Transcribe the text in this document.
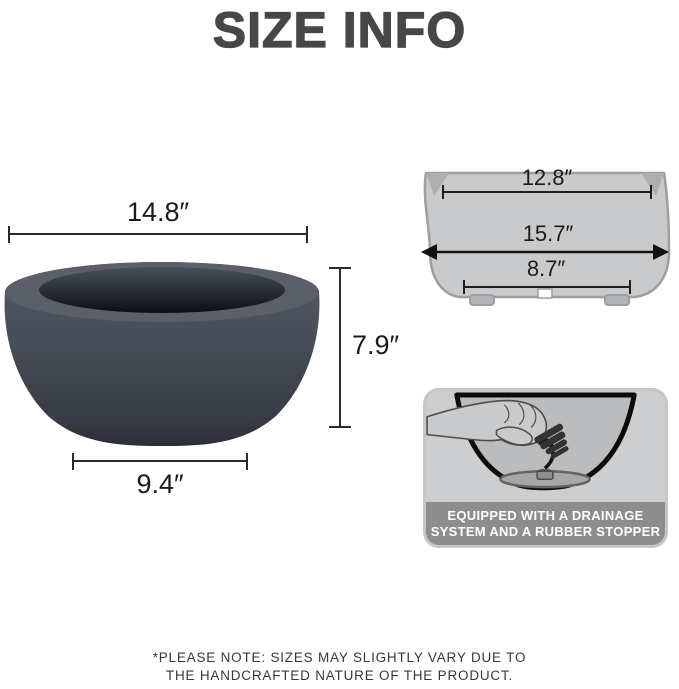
SIZE INFO
14.8″
7.9″
9.4″
12.8″
15.7″
8.7″
EQUIPPED WITH A DRAINAGE
SYSTEM AND A RUBBER STOPPER
*PLEASE NOTE: SIZES MAY SLIGHTLY VARY DUE TO
THE HANDCRAFTED NATURE OF THE PRODUCT.
